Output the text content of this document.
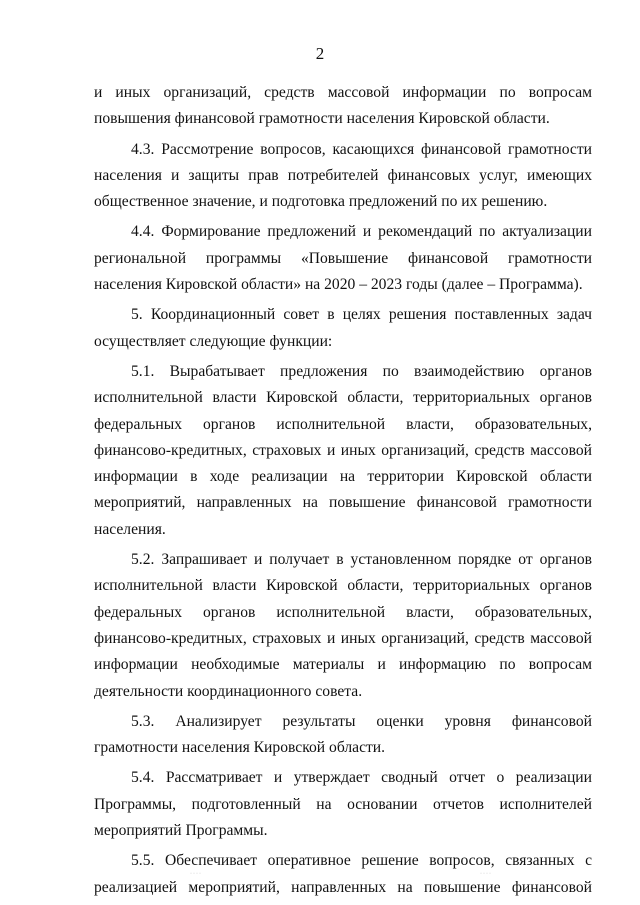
2

и иных организаций, средств массовой информации по вопросам повышения финансовой грамотности населения Кировской области.

4.3. Рассмотрение вопросов, касающихся финансовой грамотности населения и защиты прав потребителей финансовых услуг, имеющих общественное значение, и подготовка предложений по их решению.

4.4. Формирование предложений и рекомендаций по актуализации региональной программы «Повышение финансовой грамотности населения Кировской области» на 2020 – 2023 годы (далее – Программа).

5. Координационный совет в целях решения поставленных задач осуществляет следующие функции:

5.1. Вырабатывает предложения по взаимодействию органов исполнительной власти Кировской области, территориальных органов федеральных органов исполнительной власти, образовательных, финансово-кредитных, страховых и иных организаций, средств массовой информации в ходе реализации на территории Кировской области мероприятий, направленных на повышение финансовой грамотности населения.

5.2. Запрашивает и получает в установленном порядке от органов исполнительной власти Кировской области, территориальных органов федеральных органов исполнительной власти, образовательных, финансово-кредитных, страховых и иных организаций, средств массовой информации необходимые материалы и информацию по вопросам деятельности координационного совета.

5.3. Анализирует результаты оценки уровня финансовой грамотности населения Кировской области.

5.4. Рассматривает и утверждает сводный отчет о реализации Программы, подготовленный на основании отчетов исполнителей мероприятий Программы.

5.5. Обеспечивает оперативное решение вопросов, связанных с реализацией мероприятий, направленных на повышение финансовой

····	····
